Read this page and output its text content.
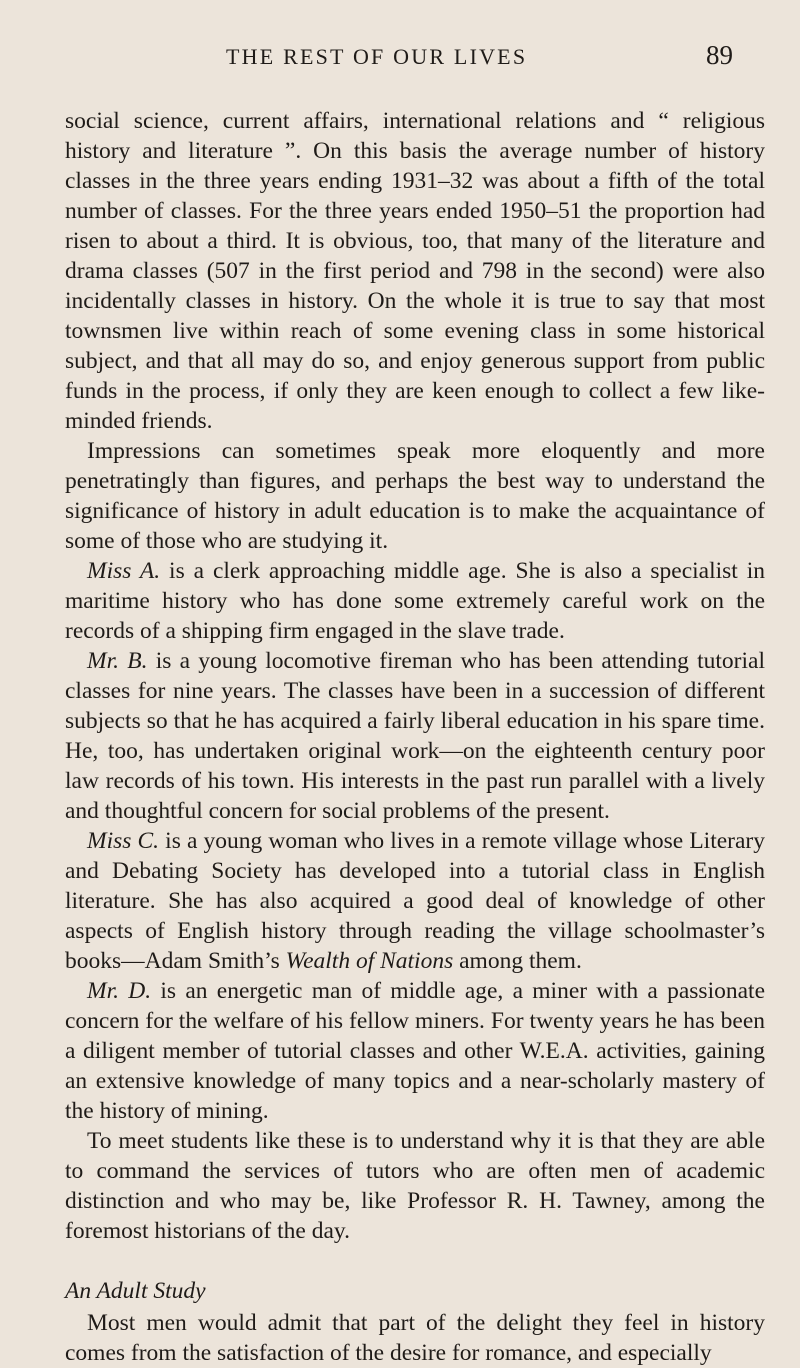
THE REST OF OUR LIVES	89

social science, current affairs, international relations and “ religious history and literature ”. On this basis the average number of history classes in the three years ending 1931–32 was about a fifth of the total number of classes. For the three years ended 1950–51 the proportion had risen to about a third. It is obvious, too, that many of the literature and drama classes (507 in the first period and 798 in the second) were also incidentally classes in history. On the whole it is true to say that most townsmen live within reach of some evening class in some historical subject, and that all may do so, and enjoy generous support from public funds in the process, if only they are keen enough to collect a few like-minded friends.

Impressions can sometimes speak more eloquently and more penetratingly than figures, and perhaps the best way to understand the significance of history in adult education is to make the acquaintance of some of those who are studying it.

Miss A. is a clerk approaching middle age. She is also a specialist in maritime history who has done some extremely careful work on the records of a shipping firm engaged in the slave trade.

Mr. B. is a young locomotive fireman who has been attending tutorial classes for nine years. The classes have been in a succession of different subjects so that he has acquired a fairly liberal education in his spare time. He, too, has undertaken original work—on the eighteenth century poor law records of his town. His interests in the past run parallel with a lively and thoughtful concern for social problems of the present.

Miss C. is a young woman who lives in a remote village whose Literary and Debating Society has developed into a tutorial class in English literature. She has also acquired a good deal of knowledge of other aspects of English history through reading the village schoolmaster’s books—Adam Smith’s Wealth of Nations among them.

Mr. D. is an energetic man of middle age, a miner with a passionate concern for the welfare of his fellow miners. For twenty years he has been a diligent member of tutorial classes and other W.E.A. activities, gaining an extensive knowledge of many topics and a near-scholarly mastery of the history of mining.

To meet students like these is to understand why it is that they are able to command the services of tutors who are often men of academic distinction and who may be, like Professor R. H. Tawney, among the foremost historians of the day.

An Adult Study

Most men would admit that part of the delight they feel in history comes from the satisfaction of the desire for romance, and especially
